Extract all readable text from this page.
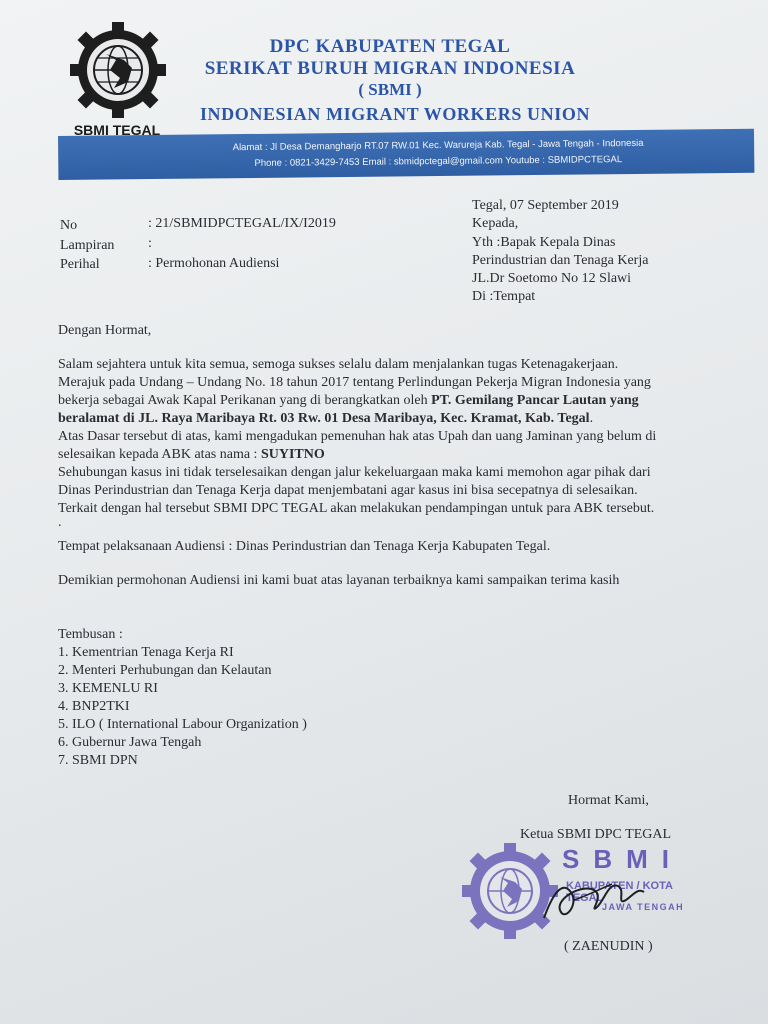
SBMI TEGAL
DPC KABUPATEN TEGAL
SERIKAT BURUH MIGRAN INDONESIA
( SBMI )
INDONESIAN MIGRANT WORKERS UNION
Alamat : Jl Desa Demangharjo RT.07 RW.01 Kec. Warureja Kab. Tegal - Jawa Tengah - Indonesia
Phone : 0821-3429-7453 Email : sbmidpctegal@gmail.com Youtube : SBMIDPCTEGAL
No	: 21/SBMIDPCTEGAL/IX/I2019
Lampiran :
Perihal	: Permohonan Audiensi
Tegal, 07 September 2019
Kepada,
Yth :Bapak Kepala Dinas
Perindustrian dan Tenaga Kerja
JL.Dr Soetomo No 12 Slawi
Di :Tempat
Dengan Hormat,
Salam sejahtera untuk kita semua, semoga sukses selalu dalam menjalankan tugas Ketenagakerjaan.
Merajuk pada Undang – Undang No. 18 tahun 2017 tentang Perlindungan Pekerja Migran Indonesia yang
bekerja sebagai Awak Kapal Perikanan yang di berangkatkan oleh PT. Gemilang Pancar Lautan yang
beralamat di JL. Raya Maribaya Rt. 03 Rw. 01 Desa Maribaya, Kec. Kramat, Kab. Tegal.
Atas Dasar tersebut di atas, kami mengadukan pemenuhan hak atas Upah dan uang Jaminan yang belum di
selesaikan kepada ABK atas nama : SUYITNO
Sehubungan kasus ini tidak terselesaikan dengan jalur kekeluargaan maka kami memohon agar pihak dari
Dinas Perindustrian dan Tenaga Kerja dapat menjembatani agar kasus ini bisa secepatnya di selesaikan.
Terkait dengan hal tersebut SBMI DPC TEGAL akan melakukan pendampingan untuk para ABK tersebut.
.
Tempat pelaksanaan Audiensi : Dinas Perindustrian dan Tenaga Kerja Kabupaten Tegal.
Demikian permohonan Audiensi ini kami buat atas layanan terbaiknya kami sampaikan terima kasih
Tembusan :
1. Kementrian Tenaga Kerja RI
2. Menteri Perhubungan dan Kelautan
3. KEMENLU RI
4. BNP2TKI
5. ILO ( International Labour Organization )
6. Gubernur Jawa Tengah
7. SBMI DPN
Hormat Kami,
Ketua SBMI DPC TEGAL
SBMI
KABUPATEN / KOTA TEGAL
JAWA TENGAH
( ZAENUDIN )
